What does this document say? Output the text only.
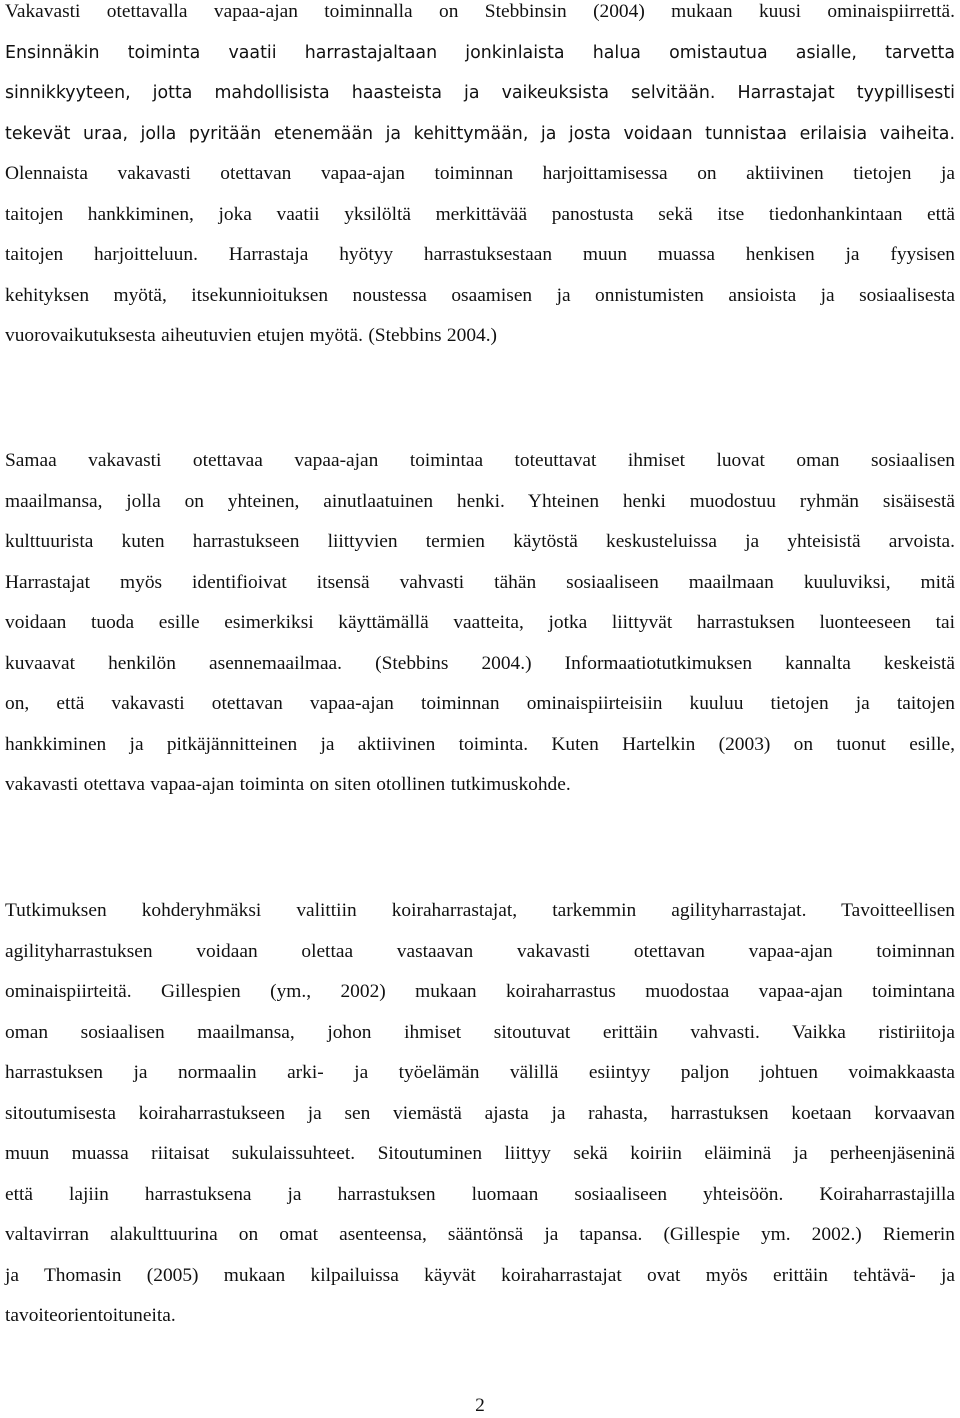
Vakavasti otettavalla vapaa-ajan toiminnalla on Stebbinsin (2004) mukaan kuusi ominaispiirrettä.
Ensinnäkin toiminta vaatii harrastajaltaan jonkinlaista halua omistautua asialle, tarvetta
sinnikkyyteen, jotta mahdollisista haasteista ja vaikeuksista selvitään. Harrastajat tyypillisesti
tekevät uraa, jolla pyritään etenemään ja kehittymään, ja josta voidaan tunnistaa erilaisia vaiheita.
Olennaista vakavasti otettavan vapaa-ajan toiminnan harjoittamisessa on aktiivinen tietojen ja
taitojen hankkiminen, joka vaatii yksilöltä merkittävää panostusta sekä itse tiedonhankintaan että
taitojen harjoitteluun. Harrastaja hyötyy harrastuksestaan muun muassa henkisen ja fyysisen
kehityksen myötä, itsekunnioituksen noustessa osaamisen ja onnistumisten ansioista ja sosiaalisesta
vuorovaikutuksesta aiheutuvien etujen myötä. (Stebbins 2004.)
Samaa vakavasti otettavaa vapaa-ajan toimintaa toteuttavat ihmiset luovat oman sosiaalisen
maailmansa, jolla on yhteinen, ainutlaatuinen henki. Yhteinen henki muodostuu ryhmän sisäisestä
kulttuurista kuten harrastukseen liittyvien termien käytöstä keskusteluissa ja yhteisistä arvoista.
Harrastajat myös identifioivat itsensä vahvasti tähän sosiaaliseen maailmaan kuuluviksi, mitä
voidaan tuoda esille esimerkiksi käyttämällä vaatteita, jotka liittyvät harrastuksen luonteeseen tai
kuvaavat henkilön asennemaailmaa. (Stebbins 2004.) Informaatiotutkimuksen kannalta keskeistä
on, että vakavasti otettavan vapaa-ajan toiminnan ominaispiirteisiin kuuluu tietojen ja taitojen
hankkiminen ja pitkäjännitteinen ja aktiivinen toiminta. Kuten Hartelkin (2003) on tuonut esille,
vakavasti otettava vapaa-ajan toiminta on siten otollinen tutkimuskohde.
Tutkimuksen kohderyhmäksi valittiin koiraharrastajat, tarkemmin agilityharrastajat. Tavoitteellisen
agilityharrastuksen voidaan olettaa vastaavan vakavasti otettavan vapaa-ajan toiminnan
ominaispiirteitä. Gillespien (ym., 2002) mukaan koiraharrastus muodostaa vapaa-ajan toimintana
oman sosiaalisen maailmansa, johon ihmiset sitoutuvat erittäin vahvasti. Vaikka ristiriitoja
harrastuksen ja normaalin arki- ja työelämän välillä esiintyy paljon johtuen voimakkaasta
sitoutumisesta koiraharrastukseen ja sen viemästä ajasta ja rahasta, harrastuksen koetaan korvaavan
muun muassa riitaisat sukulaissuhteet. Sitoutuminen liittyy sekä koiriin eläiminä ja perheenjäseninä
että lajiin harrastuksena ja harrastuksen luomaan sosiaaliseen yhteisöön. Koiraharrastajilla
valtavirran alakulttuurina on omat asenteensa, sääntönsä ja tapansa. (Gillespie ym. 2002.) Riemerin
ja Thomasin (2005) mukaan kilpailuissa käyvät koiraharrastajat ovat myös erittäin tehtävä- ja
tavoiteorientoituneita.

2
